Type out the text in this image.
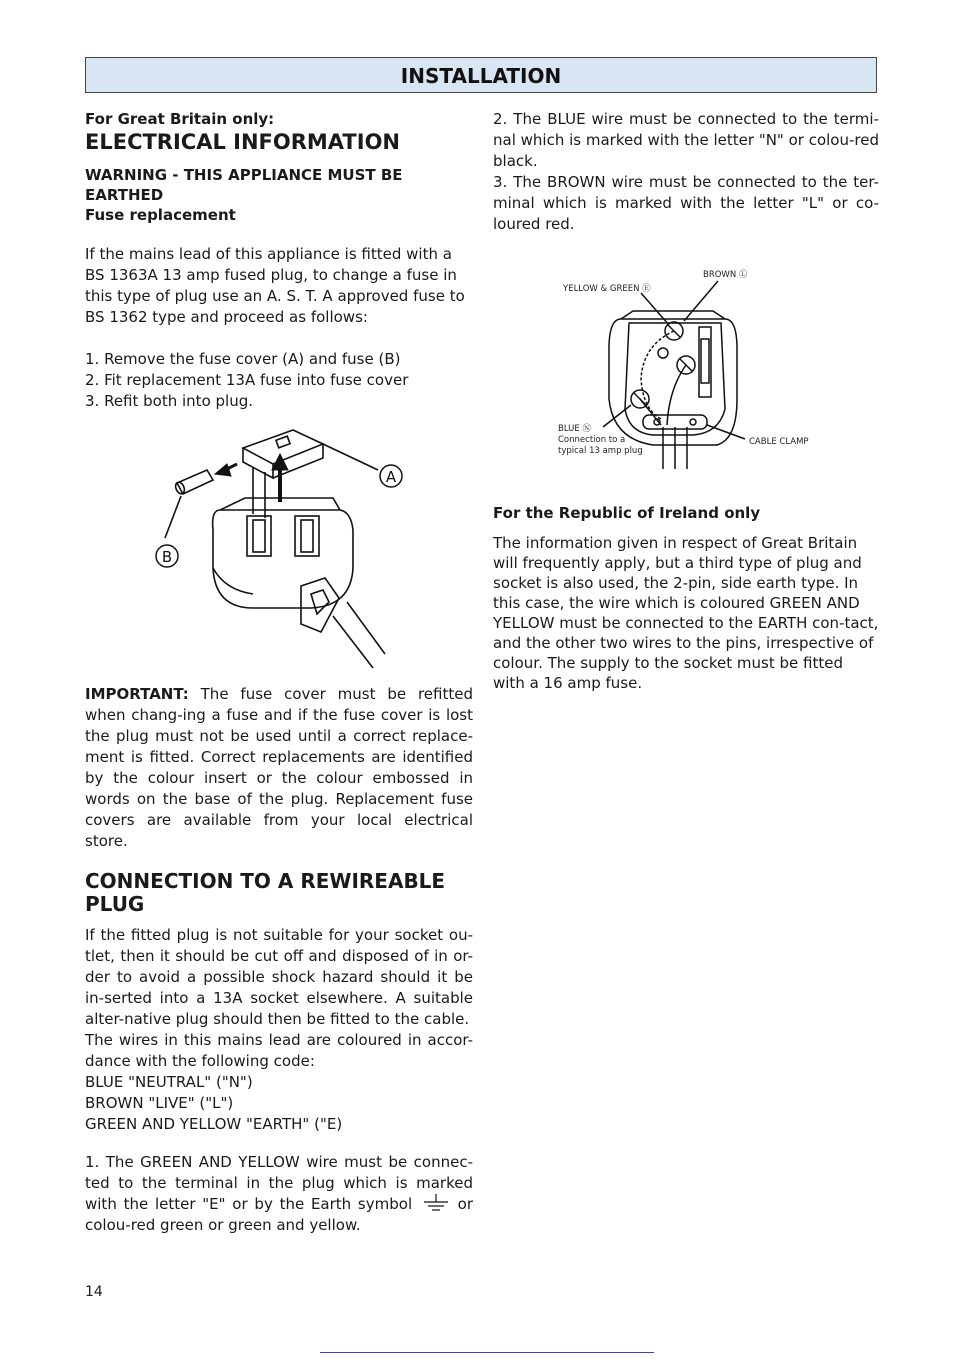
INSTALLATION

For Great Britain only:

ELECTRICAL INFORMATION

WARNING - THIS APPLIANCE MUST BE EARTHED

Fuse replacement

If the mains lead of this appliance is fitted with a BS 1363A 13 amp fused plug, to change a fuse in this type of plug use an A. S. T. A approved fuse to BS 1362 type and proceed as follows:

1. Remove the fuse cover (A) and fuse (B)

2. Fit replacement 13A fuse into fuse cover

3. Refit both into plug.

A
B

IMPORTANT: The fuse cover must be refitted when chang-ing a fuse and if the fuse cover is lost the plug must not be used until a correct replace-ment is fitted. Correct replacements are identified by the colour insert or the colour embossed in words on the base of the plug. Replacement fuse covers are available from your local electrical store.

CONNECTION TO A REWIREABLE PLUG

If the fitted plug is not suitable for your socket ou-tlet, then it should be cut off and disposed of in or-der to avoid a possible shock hazard should it be in-serted into a 13A socket elsewhere. A suitable alter-native plug should then be fitted to the cable.

The wires in this mains lead are coloured in accor-dance with the following code:

BLUE "NEUTRAL" ("N")

BROWN "LIVE" ("L")

GREEN AND YELLOW "EARTH" ("E)

1. The GREEN AND YELLOW wire must be connec-ted to the terminal in the plug which is marked with the letter "E" or by the Earth symbol	or colou-red green or green and yellow.

2. The BLUE wire must be connected to the termi-nal which is marked with the letter "N" or colou-red black.

3. The BROWN wire must be connected to the ter-minal which is marked with the letter "L" or co-loured red.

BROWN Ⓛ
YELLOW & GREEN Ⓔ
BLUE Ⓝ
Connection to a
typical 13 amp plug
CABLE CLAMP

For the Republic of Ireland only

The information given in respect of Great Britain will frequently apply, but a third type of plug and socket is also used, the 2-pin, side earth type. In this case, the wire which is coloured GREEN AND YELLOW must be connected to the EARTH con-tact, and the other two wires to the pins, irrespective of colour. The supply to the socket must be fitted with a 16 amp fuse.

14
